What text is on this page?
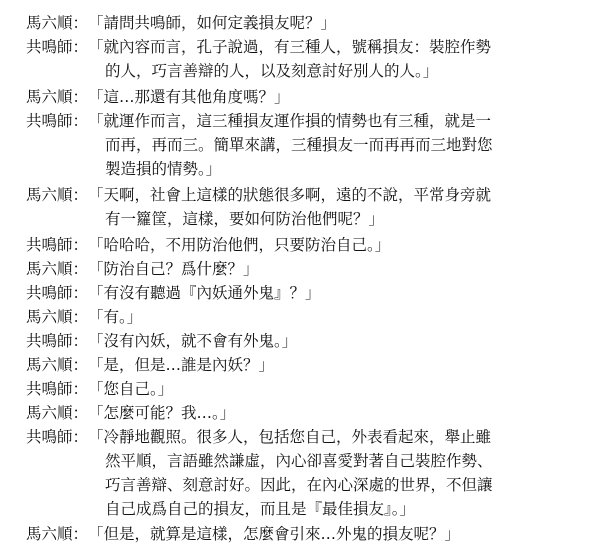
馬六順： 「請問共鳴師，如何定義損友呢？」
共鳴師： 「就內容而言，孔子說過，有三種人，號稱損友：裝腔作勢
的人，巧言善辯的人，以及刻意討好別人的人。」
馬六順： 「這…那還有其他角度嗎？」
共鳴師： 「就運作而言，這三種損友運作損的情勢也有三種，就是一
而再，再而三。簡單來講，三種損友一而再再而三地對您
製造損的情勢。」
馬六順： 「天啊，社會上這樣的狀態很多啊，遠的不說，平常身旁就
有一籮筐，這樣，要如何防治他們呢？」
共鳴師： 「哈哈哈，不用防治他們，只要防治自己。」
馬六順： 「防治自己？爲什麼？」
共鳴師： 「有沒有聽過『內妖通外鬼』？」
馬六順： 「有。」
共鳴師： 「沒有內妖，就不會有外鬼。」
馬六順： 「是，但是…誰是內妖？」
共鳴師： 「您自己。」
馬六順： 「怎麼可能？我…。」
共鳴師： 「冷靜地觀照。很多人，包括您自己，外表看起來，舉止雖
然平順，言語雖然謙虛，內心卻喜愛對著自己裝腔作勢、
巧言善辯、刻意討好。因此，在內心深處的世界，不但讓
自己成爲自己的損友，而且是『最佳損友』。」
馬六順： 「但是，就算是這樣，怎麼會引來…外鬼的損友呢？」
